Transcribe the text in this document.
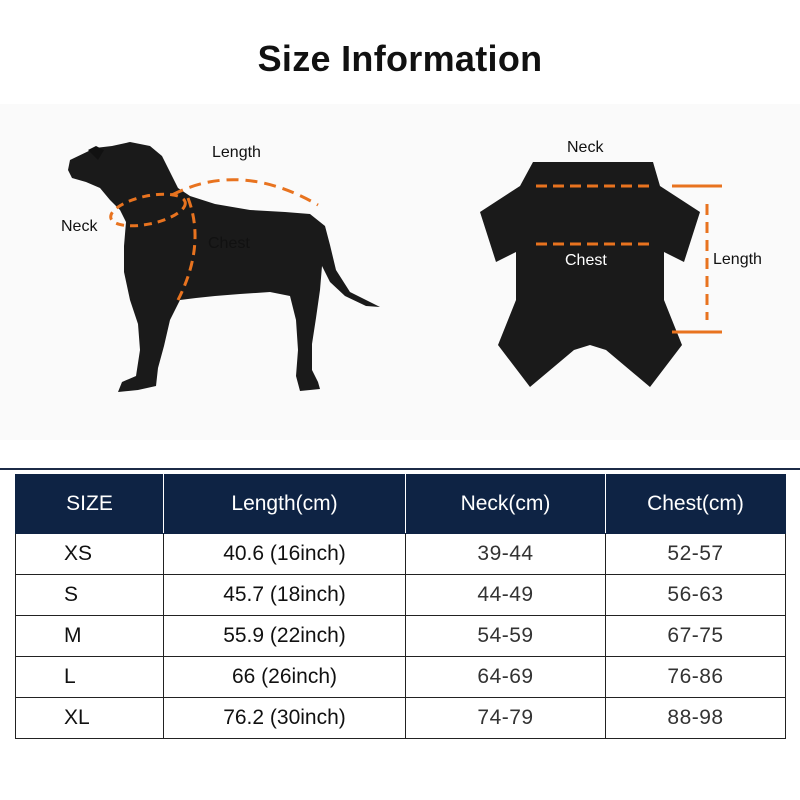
Size Information
Length
Neck
Chest
Neck
Chest	Length
SIZE	Length(cm)	Neck(cm)	Chest(cm)
XS	40.6 (16inch)	39-44	52-57
S	45.7 (18inch)	44-49	56-63
M	55.9 (22inch)	54-59	67-75
L	66 (26inch)	64-69	76-86
XL	76.2 (30inch)	74-79	88-98
